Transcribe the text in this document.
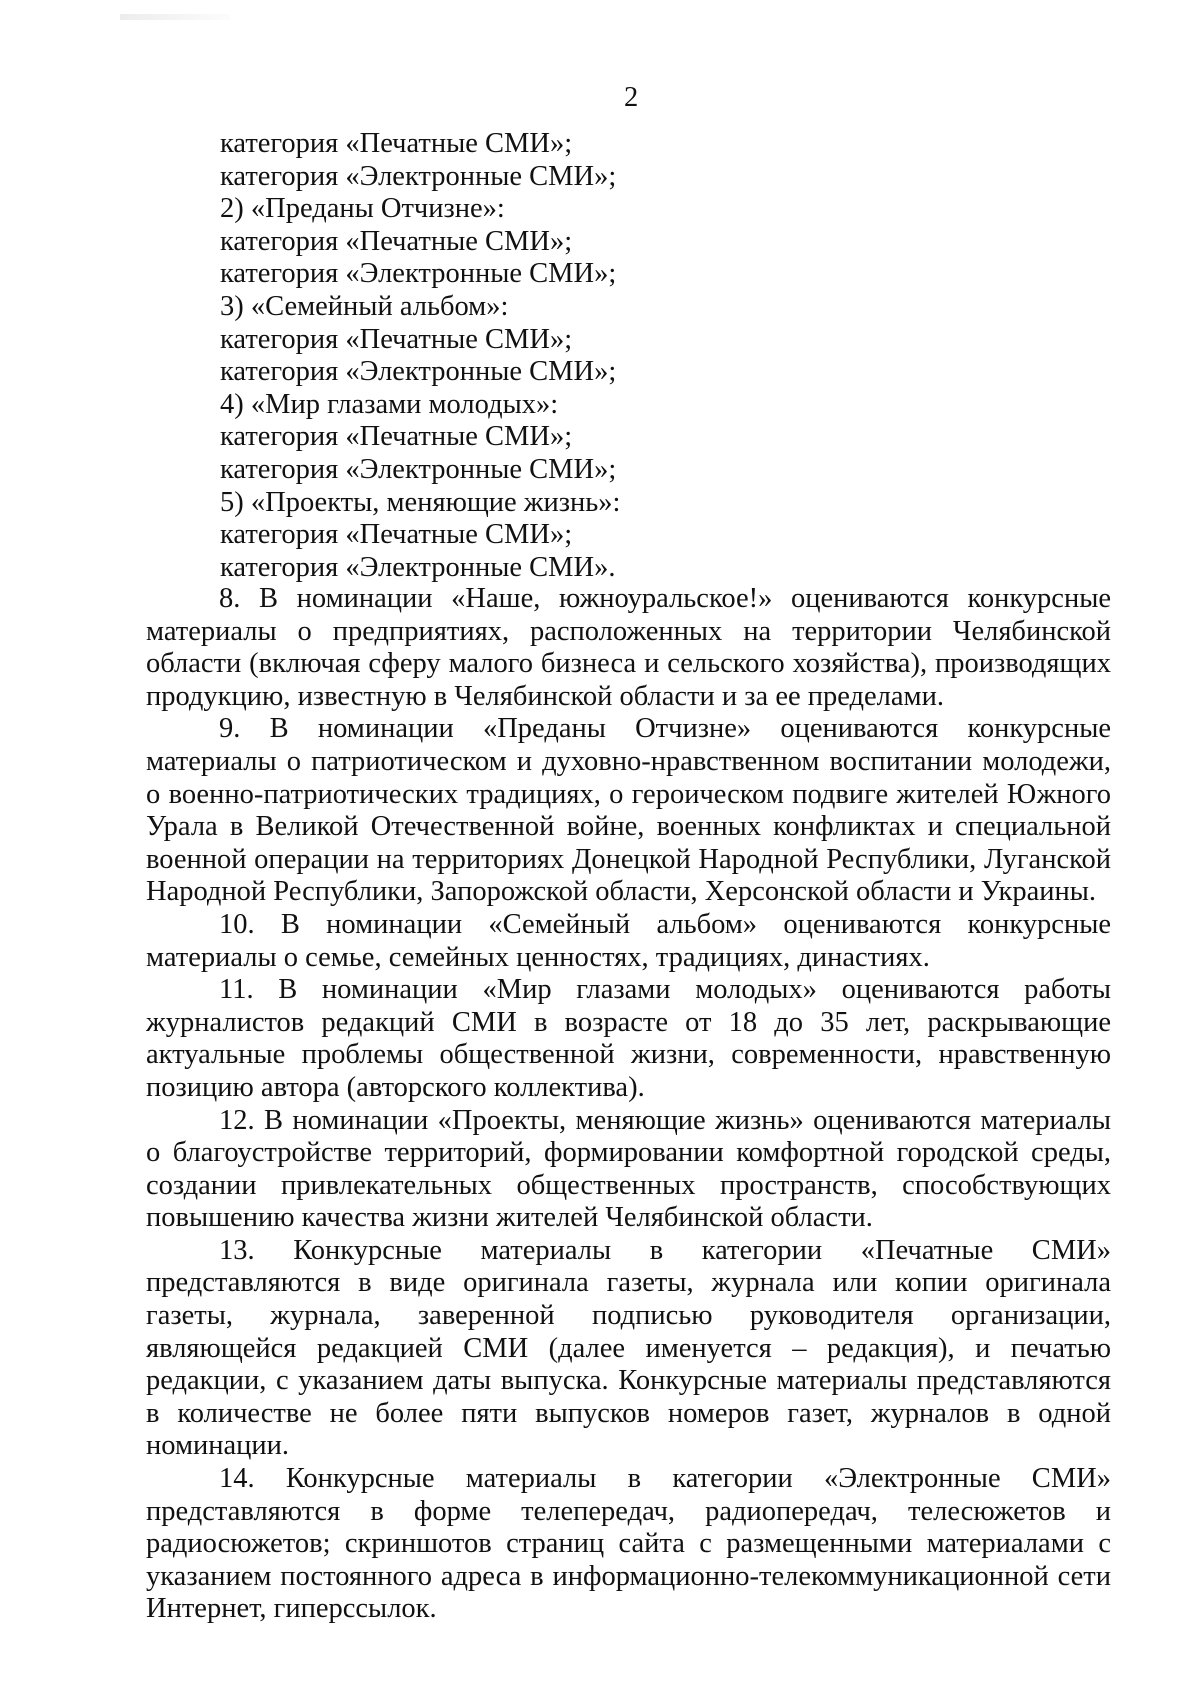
2
категория «Печатные СМИ»;
категория «Электронные СМИ»;
2) «Преданы Отчизне»:
категория «Печатные СМИ»;
категория «Электронные СМИ»;
3) «Семейный альбом»:
категория «Печатные СМИ»;
категория «Электронные СМИ»;
4) «Мир глазами молодых»:
категория «Печатные СМИ»;
категория «Электронные СМИ»;
5) «Проекты, меняющие жизнь»:
категория «Печатные СМИ»;
категория «Электронные СМИ».

8. В номинации «Наше, южноуральское!» оцениваются конкурсные материалы о предприятиях, расположенных на территории Челябинской области (включая сферу малого бизнеса и сельского хозяйства), производящих продукцию, известную в Челябинской области и за ее пределами.

9. В номинации «Преданы Отчизне» оцениваются конкурсные материалы о патриотическом и духовно-нравственном воспитании молодежи, о военно-патриотических традициях, о героическом подвиге жителей Южного Урала в Великой Отечественной войне, военных конфликтах и специальной военной операции на территориях Донецкой Народной Республики, Луганской Народной Республики, Запорожской области, Херсонской области и Украины.

10. В номинации «Семейный альбом» оцениваются конкурсные материалы о семье, семейных ценностях, традициях, династиях.

11. В номинации «Мир глазами молодых» оцениваются работы журналистов редакций СМИ в возрасте от 18 до 35 лет, раскрывающие актуальные проблемы общественной жизни, современности, нравственную позицию автора (авторского коллектива).

12. В номинации «Проекты, меняющие жизнь» оцениваются материалы о благоустройстве территорий, формировании комфортной городской среды, создании привлекательных общественных пространств, способствующих повышению качества жизни жителей Челябинской области.

13. Конкурсные материалы в категории «Печатные СМИ» представляются в виде оригинала газеты, журнала или копии оригинала газеты, журнала, заверенной подписью руководителя организации, являющейся редакцией СМИ (далее именуется – редакция), и печатью редакции, с указанием даты выпуска. Конкурсные материалы представляются в количестве не более пяти выпусков номеров газет, журналов в одной номинации.

14. Конкурсные материалы в категории «Электронные СМИ» представляются в форме телепередач, радиопередач, телесюжетов и радиосюжетов; скриншотов страниц сайта с размещенными материалами с указанием постоянного адреса в информационно-телекоммуникационной сети Интернет, гиперссылок.
